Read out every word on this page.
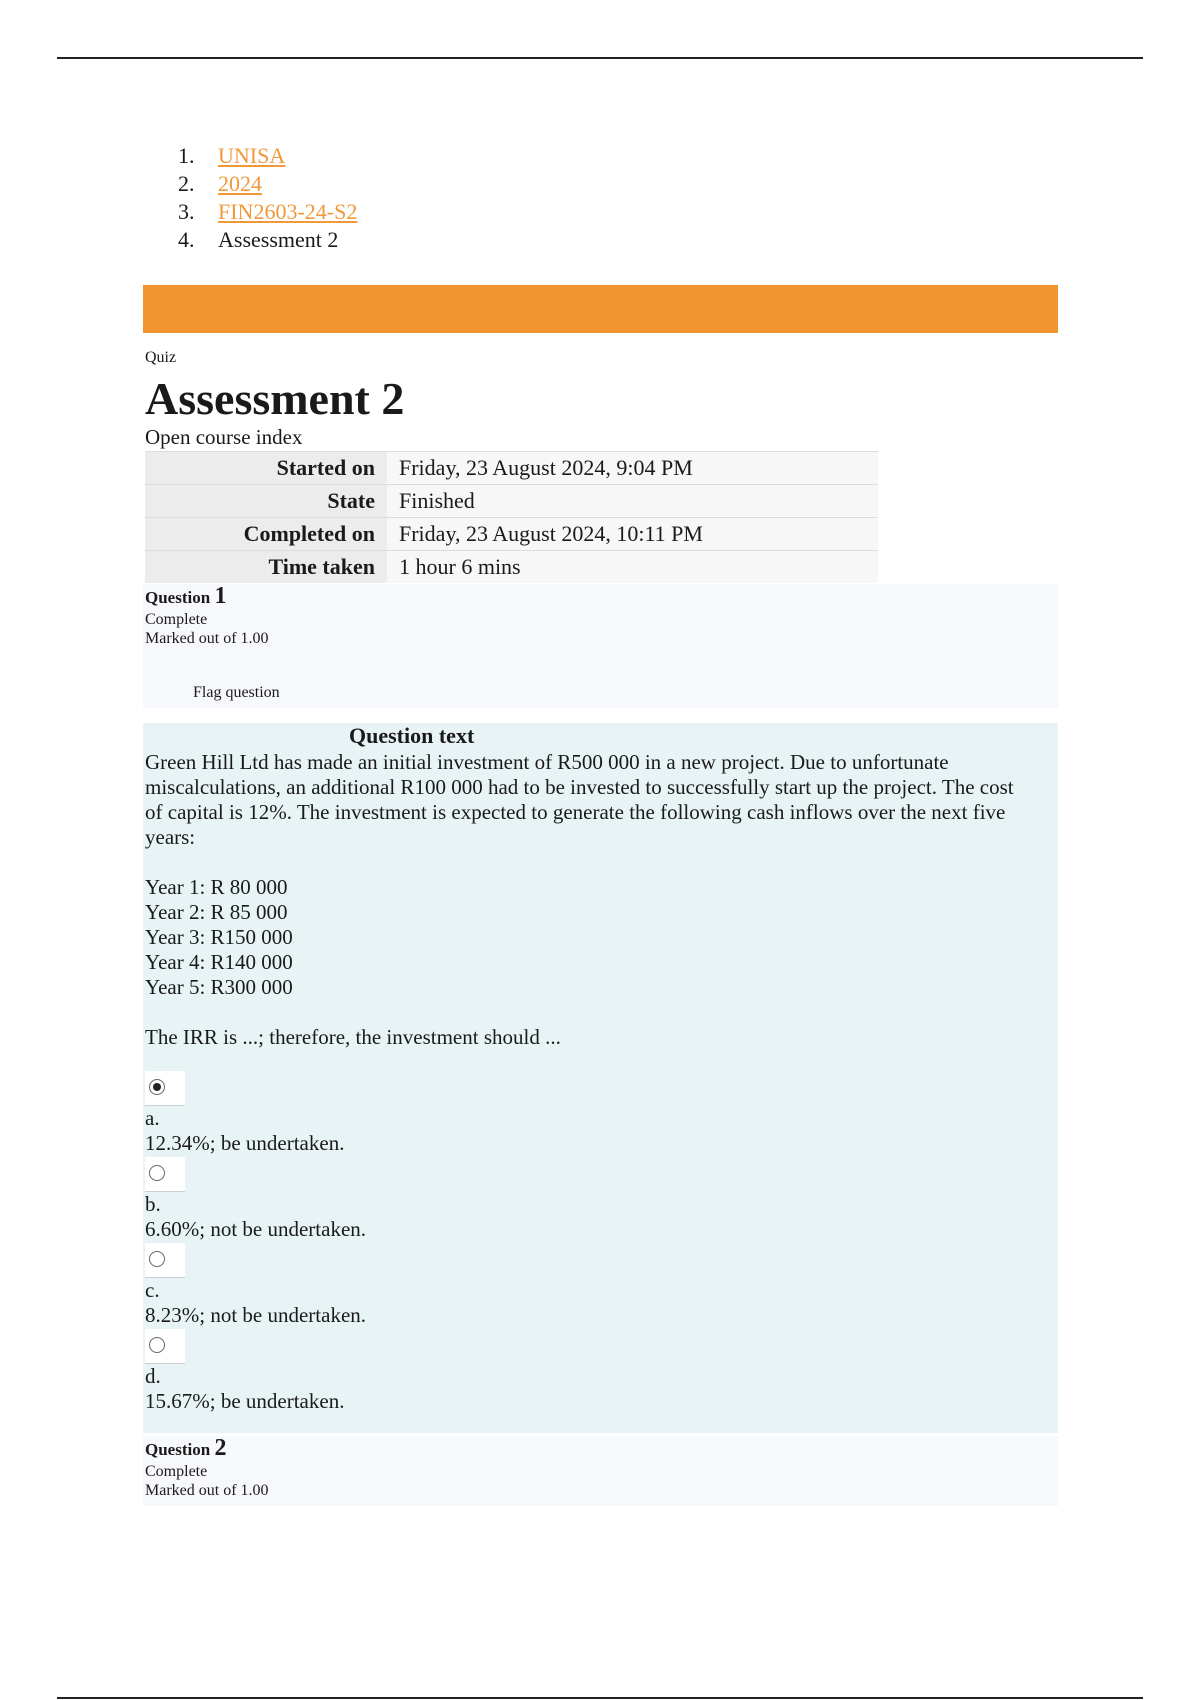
1.	UNISA
2.	2024
3.	FIN2603-24-S2
4.	Assessment 2
Quiz
Assessment 2
Open course index
Started on	Friday, 23 August 2024, 9:04 PM
State	Finished
Completed on	Friday, 23 August 2024, 10:11 PM
Time taken	1 hour 6 mins
Question 1
Complete
Marked out of 1.00
Flag question
Question text

Green Hill Ltd has made an initial investment of R500 000 in a new project. Due to unfortunate miscalculations, an additional R100 000 had to be invested to successfully start up the project. The cost of capital is 12%. The investment is expected to generate the following cash inflows over the next five years:

Year 1: R 80 000
Year 2: R 85 000
Year 3: R150 000
Year 4: R140 000
Year 5: R300 000

The IRR is ...; therefore, the investment should ...

a.
12.34%; be undertaken.
b.
6.60%; not be undertaken.
c.
8.23%; not be undertaken.
d.
15.67%; be undertaken.
Question 2
Complete
Marked out of 1.00
